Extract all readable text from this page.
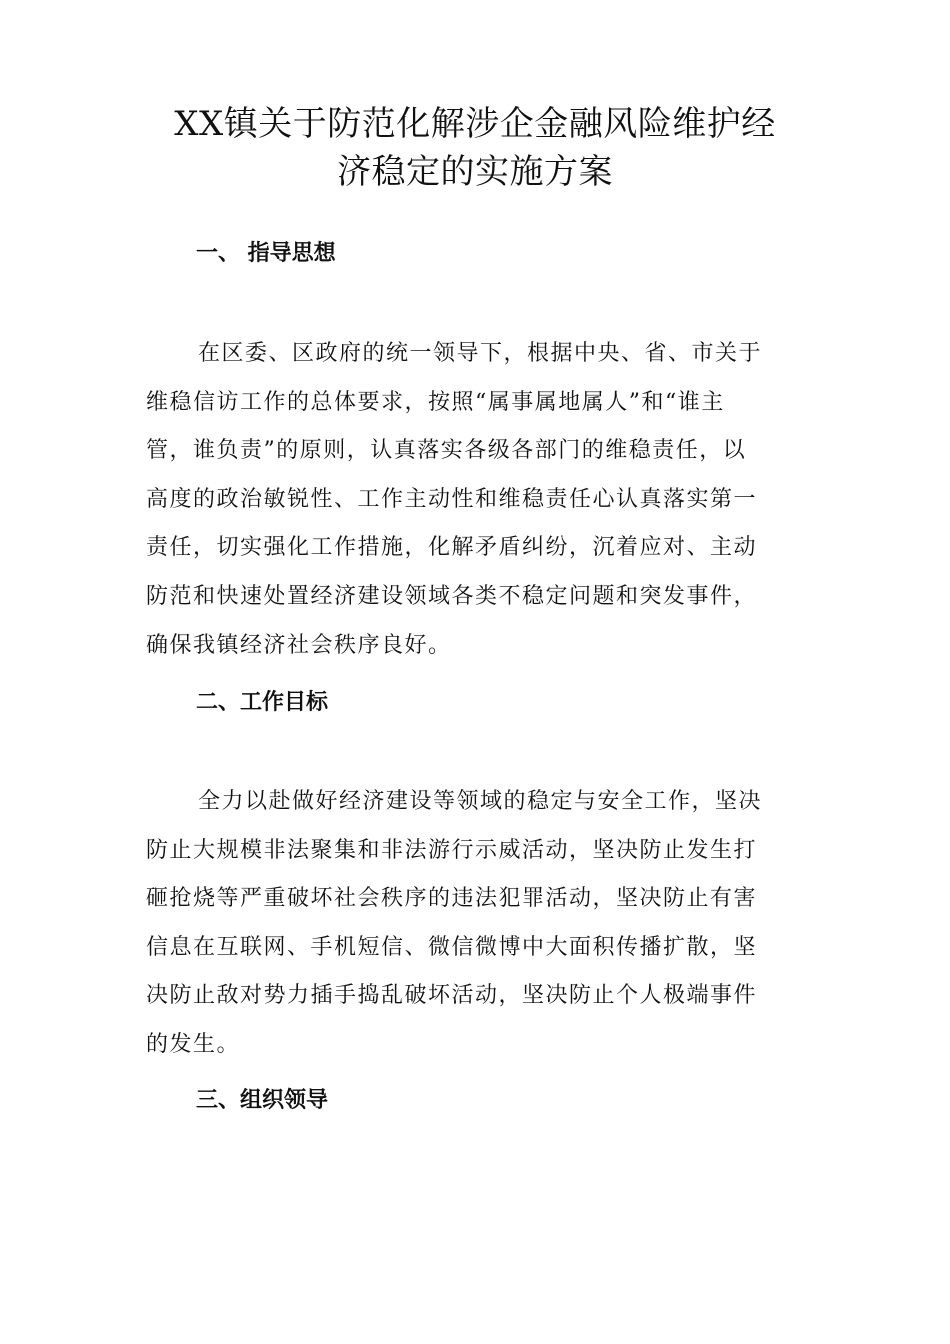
XX镇关于防范化解涉企金融风险维护经
济稳定的实施方案
一、 指导思想
在区委、区政府的统一领导下，根据中央、省、市关于
维稳信访工作的总体要求，按照“属事属地属人”和“谁主
管，谁负责”的原则，认真落实各级各部门的维稳责任，以
高度的政治敏锐性、工作主动性和维稳责任心认真落实第一
责任，切实强化工作措施，化解矛盾纠纷，沉着应对、主动
防范和快速处置经济建设领域各类不稳定问题和突发事件，
确保我镇经济社会秩序良好。
二、工作目标
全力以赴做好经济建设等领域的稳定与安全工作，坚决
防止大规模非法聚集和非法游行示威活动，坚决防止发生打
砸抢烧等严重破坏社会秩序的违法犯罪活动，坚决防止有害
信息在互联网、手机短信、微信微博中大面积传播扩散，坚
决防止敌对势力插手捣乱破坏活动，坚决防止个人极端事件
的发生。
三、组织领导
